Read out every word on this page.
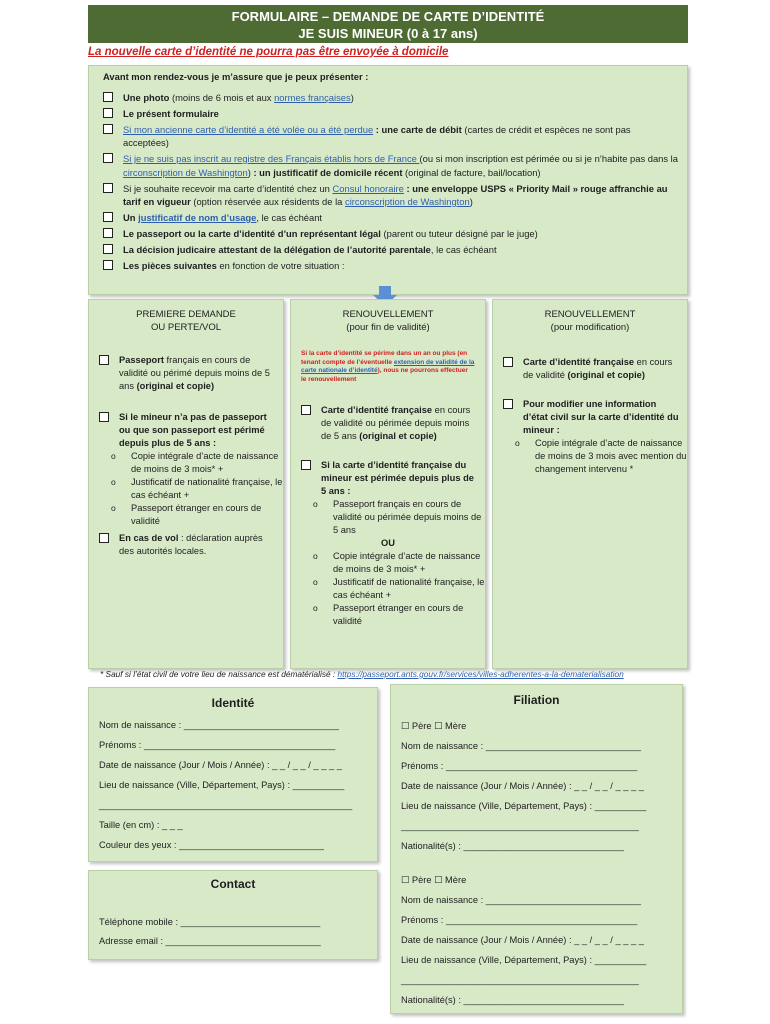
FORMULAIRE – DEMANDE DE CARTE D’IDENTITÉ
JE SUIS MINEUR (0 à 17 ans)
La nouvelle carte d’identité ne pourra pas être envoyée à domicile
Avant mon rendez-vous je m’assure que je peux présenter :
Une photo (moins de 6 mois et aux normes françaises)
Le présent formulaire
Si mon ancienne carte d’identité a été volée ou a été perdue : une carte de débit (cartes de crédit et espèces ne sont pas acceptées)
Si je ne suis pas inscrit au registre des Français établis hors de France (ou si mon inscription est périmée ou si je n’habite pas dans la circonscription de Washington) : un justificatif de domicile récent (original de facture, bail/location)
Si je souhaite recevoir ma carte d’identité chez un Consul honoraire : une enveloppe USPS « Priority Mail » rouge affranchie au tarif en vigueur (option réservée aux résidents de la circonscription de Washington)
Un justificatif de nom d’usage, le cas échéant
Le passeport ou la carte d’identité d’un représentant légal (parent ou tuteur désigné par le juge)
La décision judicaire attestant de la délégation de l’autorité parentale, le cas échéant
Les pièces suivantes en fonction de votre situation :
PREMIERE DEMANDE
OU PERTE/VOL
Passeport français en cours de validité ou périmé depuis moins de 5 ans (original et copie)
Si le mineur n’a pas de passeport ou que son passeport est périmé depuis plus de 5 ans :
o Copie intégrale d’acte de naissance de moins de 3 mois* +
o Justificatif de nationalité française, le cas échéant +
o Passeport étranger en cours de validité
En cas de vol : déclaration auprès des autorités locales.
RENOUVELLEMENT
(pour fin de validité)
Si la carte d’identité se périme dans un an ou plus (en tenant compte de l’éventuelle extension de validité de la carte nationale d’identité), nous ne pourrons effectuer le renouvellement
Carte d’identité française en cours de validité ou périmée depuis moins de 5 ans (original et copie)
Si la carte d’identité française du mineur est périmée depuis plus de 5 ans :
o Passeport français en cours de validité ou périmée depuis moins de 5 ans
OU
o Copie intégrale d’acte de naissance de moins de 3 mois* +
o Justificatif de nationalité française, le cas échéant +
o Passeport étranger en cours de validité
RENOUVELLEMENT
(pour modification)
Carte d’identité française en cours de validité (original et copie)
Pour modifier une information d’état civil sur la carte d’identité du mineur :
o Copie intégrale d’acte de naissance de moins de 3 mois avec mention du changement intervenu *
* Sauf si l’état civil de votre lieu de naissance est dématérialisé : https://passeport.ants.gouv.fr/services/villes-adherentes-a-la-dematerialisation
Identité
Nom de naissance : ______________________________
Prénoms : _____________________________________
Date de naissance (Jour / Mois / Année) : _ _ / _ _ / _ _ _ _
Lieu de naissance (Ville, Département, Pays) : __________
_________________________________________________
Taille (en cm) : _ _ _
Couleur des yeux : ____________________________
Contact
Téléphone mobile : ___________________________
Adresse email : ______________________________
Filiation
☐ Père ☐ Mère
Nom de naissance : ______________________________
Prénoms : _____________________________________
Date de naissance (Jour / Mois / Année) : _ _ / _ _ / _ _ _ _
Lieu de naissance (Ville, Département, Pays) : __________
______________________________________________
Nationalité(s) : _______________________________
☐ Père ☐ Mère
Nom de naissance : ______________________________
Prénoms : _____________________________________
Date de naissance (Jour / Mois / Année) : _ _ / _ _ / _ _ _ _
Lieu de naissance (Ville, Département, Pays) : __________
______________________________________________
Nationalité(s) : _______________________________
